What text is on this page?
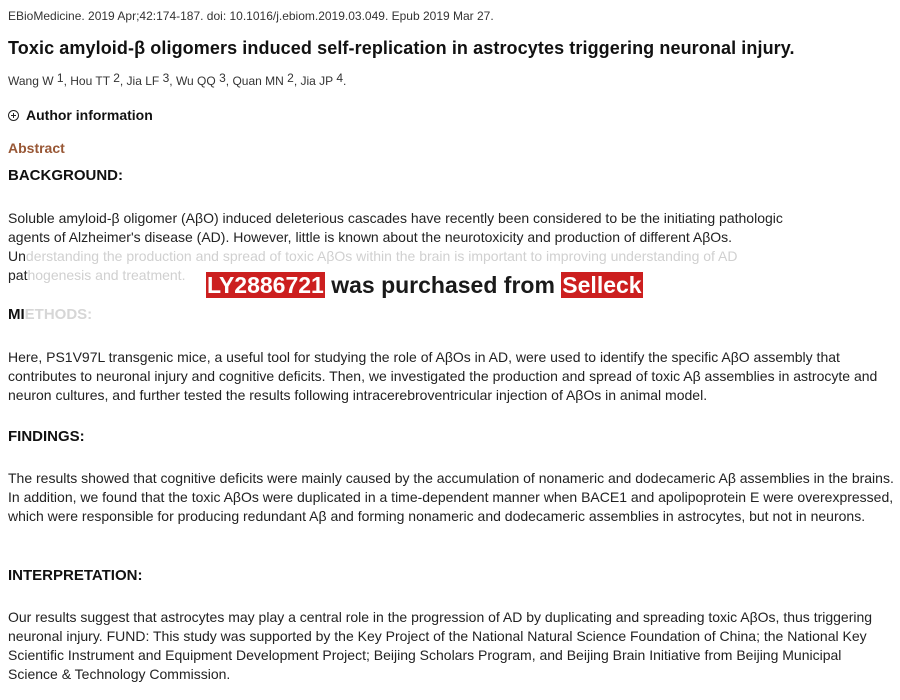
EBioMedicine. 2019 Apr;42:174-187. doi: 10.1016/j.ebiom.2019.03.049. Epub 2019 Mar 27.
Toxic amyloid-β oligomers induced self-replication in astrocytes triggering neuronal injury.
Wang W $^1$, Hou TT $^2$, Jia LF $^3$, Wu QQ $^3$, Quan MN $^2$, Jia JP $^4$.
Author information
Abstract
BACKGROUND:
Soluble amyloid-β oligomer (AβO) induced deleterious cascades have recently been considered to be the initiating pathologic
agents of Alzheimer's disease (AD). However, little is known about the neurotoxicity and production of different AβOs.
Understanding the production and spread of toxic AβOs within the brain is important to improving understanding of AD
pathogenesis and treatment.
MIETHODS:
Here, PS1V97L transgenic mice, a useful tool for studying the role of AβOs in AD, were used to identify the specific AβO assembly that contributes to neuronal injury and cognitive deficits. Then, we investigated the production and spread of toxic Aβ assemblies in astrocyte and neuron cultures, and further tested the results following intracerebroventricular injection of AβOs in animal model.
FINDINGS:
The results showed that cognitive deficits were mainly caused by the accumulation of nonameric and dodecameric Aβ assemblies in the brains. In addition, we found that the toxic AβOs were duplicated in a time-dependent manner when BACE1 and apolipoprotein E were overexpressed, which were responsible for producing redundant Aβ and forming nonameric and dodecameric assemblies in astrocytes, but not in neurons.
INTERPRETATION:
Our results suggest that astrocytes may play a central role in the progression of AD by duplicating and spreading toxic AβOs, thus triggering neuronal injury. FUND: This study was supported by the Key Project of the National Natural Science Foundation of China; the National Key Scientific Instrument and Equipment Development Project; Beijing Scholars Program, and Beijing Brain Initiative from Beijing Municipal Science & Technology Commission.
LY2886721 was purchased from Selleck
